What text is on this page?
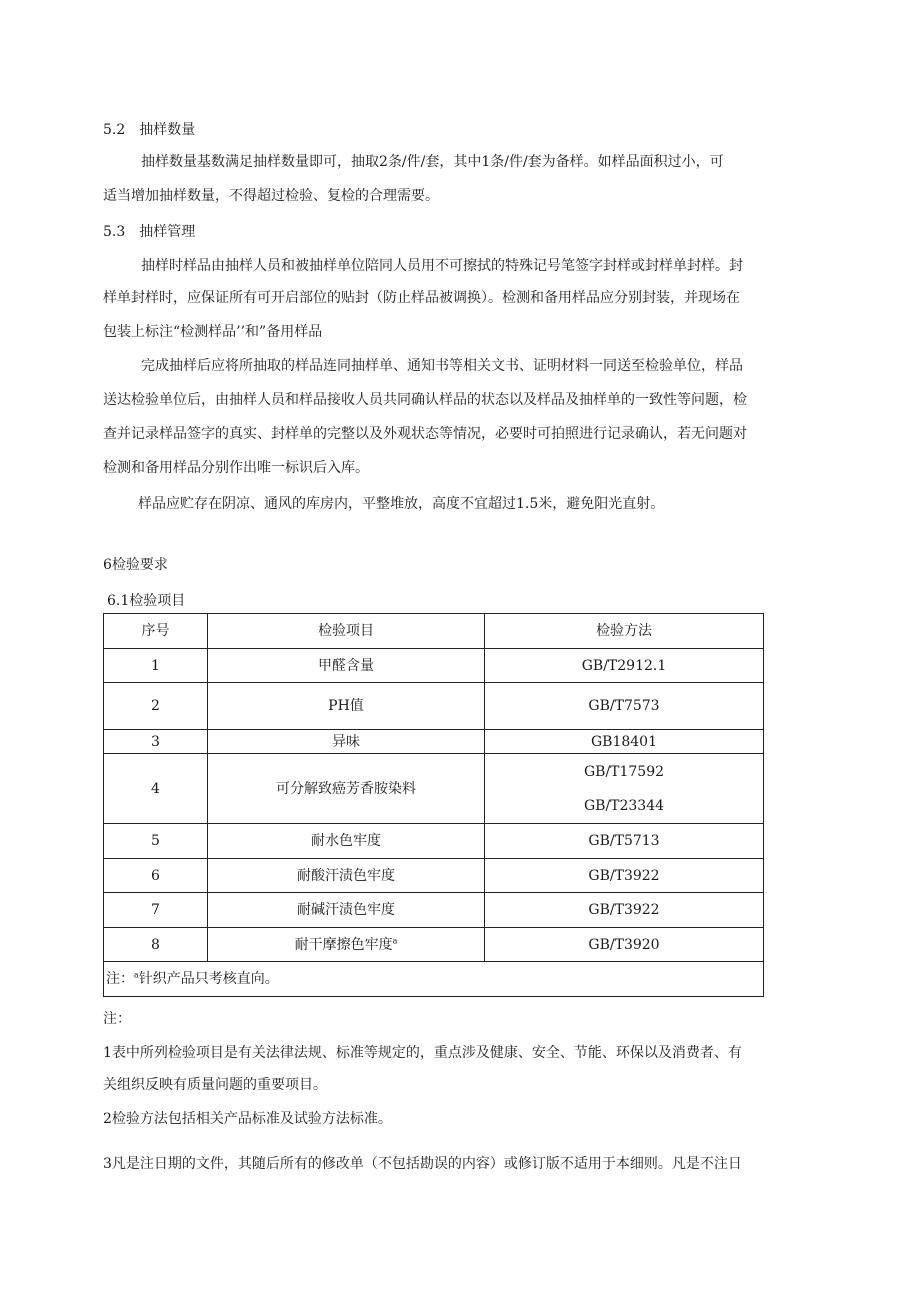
5.2　抽样数量
抽样数量基数满足抽样数量即可，抽取2条/件/套，其中1条/件/套为备样。如样品面积过小，可
适当增加抽样数量，不得超过检验、复检的合理需要。
5.3　抽样管理
抽样时样品由抽样人员和被抽样单位陪同人员用不可擦拭的特殊记号笔签字封样或封样单封样。封
样单封样时，应保证所有可开启部位的贴封（防止样品被调换）。检测和备用样品应分别封装，并现场在
包装上标注“检测样品’’和”备用样品
完成抽样后应将所抽取的样品连同抽样单、通知书等相关文书、证明材料一同送至检验单位，样品
送达检验单位后，由抽样人员和样品接收人员共同确认样品的状态以及样品及抽样单的一致性等问题，检
查并记录样品签字的真实、封样单的完整以及外观状态等情况，必要时可拍照进行记录确认，若无问题对
检测和备用样品分别作出唯一标识后入库。
样品应贮存在阴凉、通风的库房内，平整堆放，高度不宜超过1.5米，避免阳光直射。
6检验要求
6.1检验项目
序号	检验项目	检验方法
1	甲醛含量	GB/T2912.1
2	PH值	GB/T7573
3	异味	GB18401
4	可分解致癌芳香胺染料	GB/T17592
GB/T23344

5	耐水色牢度	GB/T5713
6	耐酸汗渍色牢度	GB/T3922
7	耐碱汗渍色牢度	GB/T3922
8	耐干摩擦色牢度$^a$	GB/T3920
注：$^a$针织产品只考核直向。		
注：
1表中所列检验项目是有关法律法规、标准等规定的，重点涉及健康、安全、节能、环保以及消费者、有
关组织反映有质量问题的重要项目。
2检验方法包括相关产品标准及试验方法标准。
3凡是注日期的文件，其随后所有的修改单（不包括勘误的内容）或修订版不适用于本细则。凡是不注日
